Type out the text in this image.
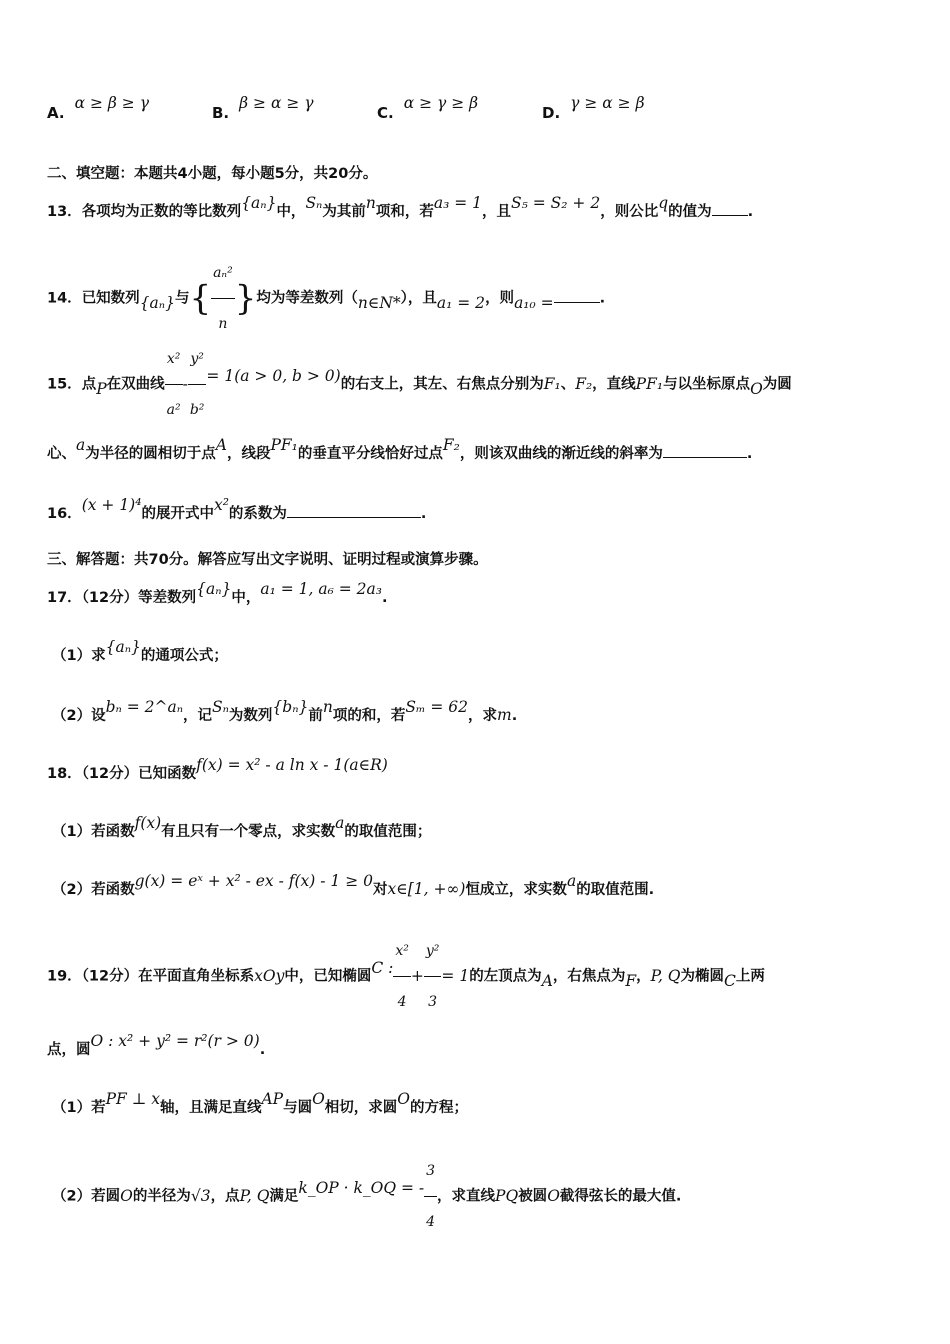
A.α ≥ β ≥ γ
B.β ≥ α ≥ γ
C.α ≥ γ ≥ β
D.γ ≥ α ≥ β
二、填空题：本题共4小题，每小题5分，共20分。
13．各项均为正数的等比数列{aₙ}中，Sₙ为其前n项和，若a₃ = 1，且S₅ = S₂ + 2，则公比q的值为 .
14．已知数列{aₙ}与{ $\frac{\text{aₙ²}}{n}$ }均为等差数列（n∈N*），且a₁ = 2，则a₁₀ =	.
15．点P在双曲线 $\frac{\text{x²}}{\text{a²}} - \frac{\text{y²}}{\text{b²}} = 1(a > 0$, b > 0)的右支上，其左、右焦点分别为F₁、F₂，直线PF₁与以坐标原点O为圆
心、a为半径的圆相切于点A，线段PF₁的垂直平分线恰好过点F₂，则该双曲线的渐近线的斜率为	.
16．(x + 1)⁴的展开式中x²的系数为	.
三、解答题：共70分。解答应写出文字说明、证明过程或演算步骤。
17．（12分）等差数列{aₙ}中，a₁ = 1, a₆ = 2a₃.
（1）求{aₙ}的通项公式；
（2）设bₙ = 2^aₙ，记Sₙ为数列{bₙ}前n项的和，若Sₘ = 62，求m.
18．（12分）已知函数f(x) = x² - a ln x - 1(a∈R)
（1）若函数f(x)有且只有一个零点，求实数a的取值范围；
（2）若函数g(x) = eˣ + x² - ex - f(x) - 1 ≥ 0对x∈[1, +∞)恒成立，求实数a的取值范围.
19．（12分）在平面直角坐标系xOy中，已知椭圆C : $\frac{\text{x²}}{4} + \frac{\text{y²}}{3} = 1$的左顶点为A，右焦点为F，P, Q为椭圆C上两
点，圆O : x² + y² = r²(r > 0).
（1）若PF ⊥ x轴，且满足直线AP与圆O相切，求圆O的方程；
（2）若圆O的半径为√3，点P, Q满足k_OP · k_OQ = - $\frac{3}{4}$ ，求直线PQ被圆O截得弦长的最大值.
